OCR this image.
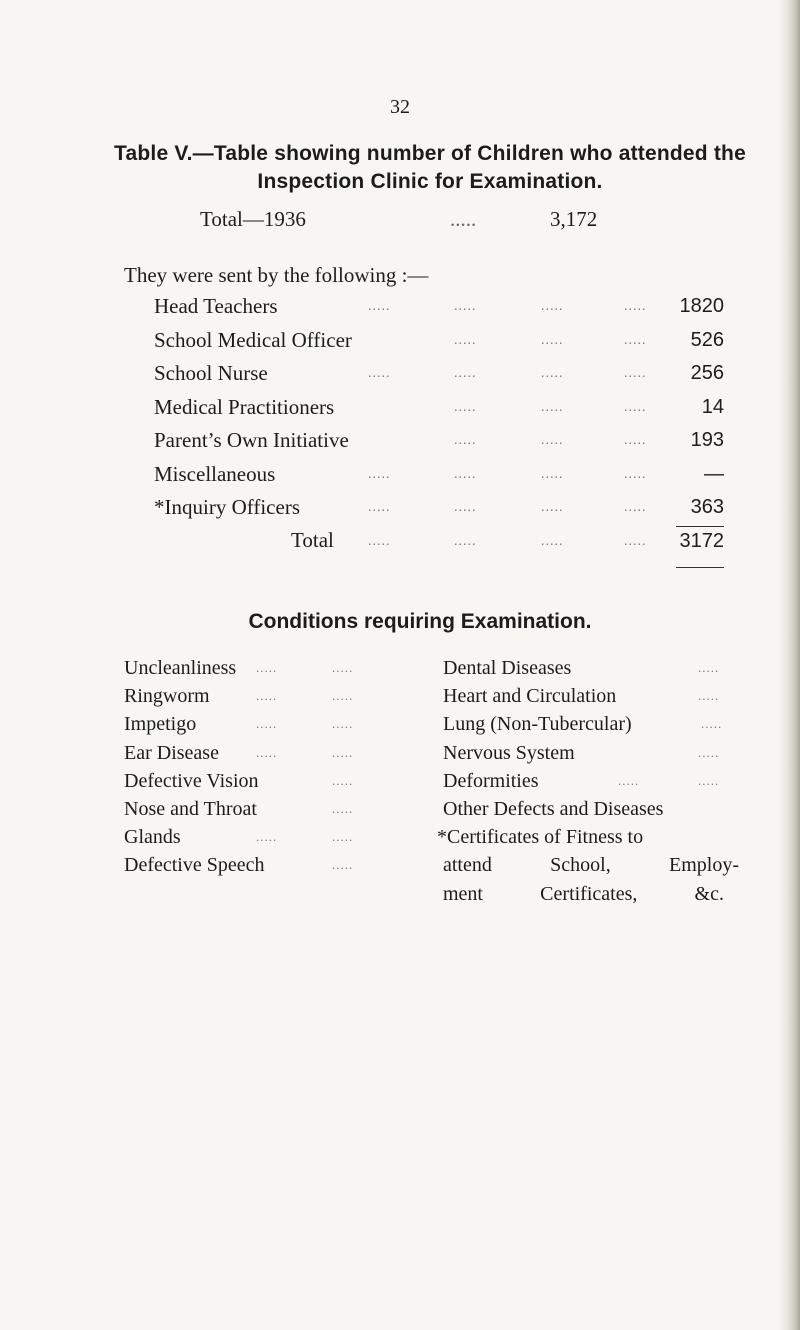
32
Table V.—Table showing number of Children who attended the
Inspection Clinic for Examination.
Total—1936	.....	3,172
They were sent by the following :—
Head Teachers	.....	.....	.....	..... 1820
School Medical Officer	.....	.....	..... 526
School Nurse	.....	.....	.....	..... 256
Medical Practitioners	.....	.....	.....	14
Parent’s Own Initiative	.....	.....	..... 193
Miscellaneous	.....	.....	.....	.....	—
*Inquiry Officers	.....	.....	.....	..... 363
Total .....	.....	.....	..... 3172
Conditions requiring Examination.
Uncleanliness .....	.....
Ringworm	.....	.....
Impetigo	.....	.....
Ear Disease	.....	.....
Defective Vision	.....
Nose and Throat	.....
Glands	.....	.....
Defective Speech	.....
Dental Diseases	.....
Heart and Circulation	.....
Lung (Non-Tubercular)	.....
Nervous System	.....
Deformities	.....	.....
Other Defects and Diseases
*Certificates of Fitness to
attend School, Employ-
ment Certificates, &c.
